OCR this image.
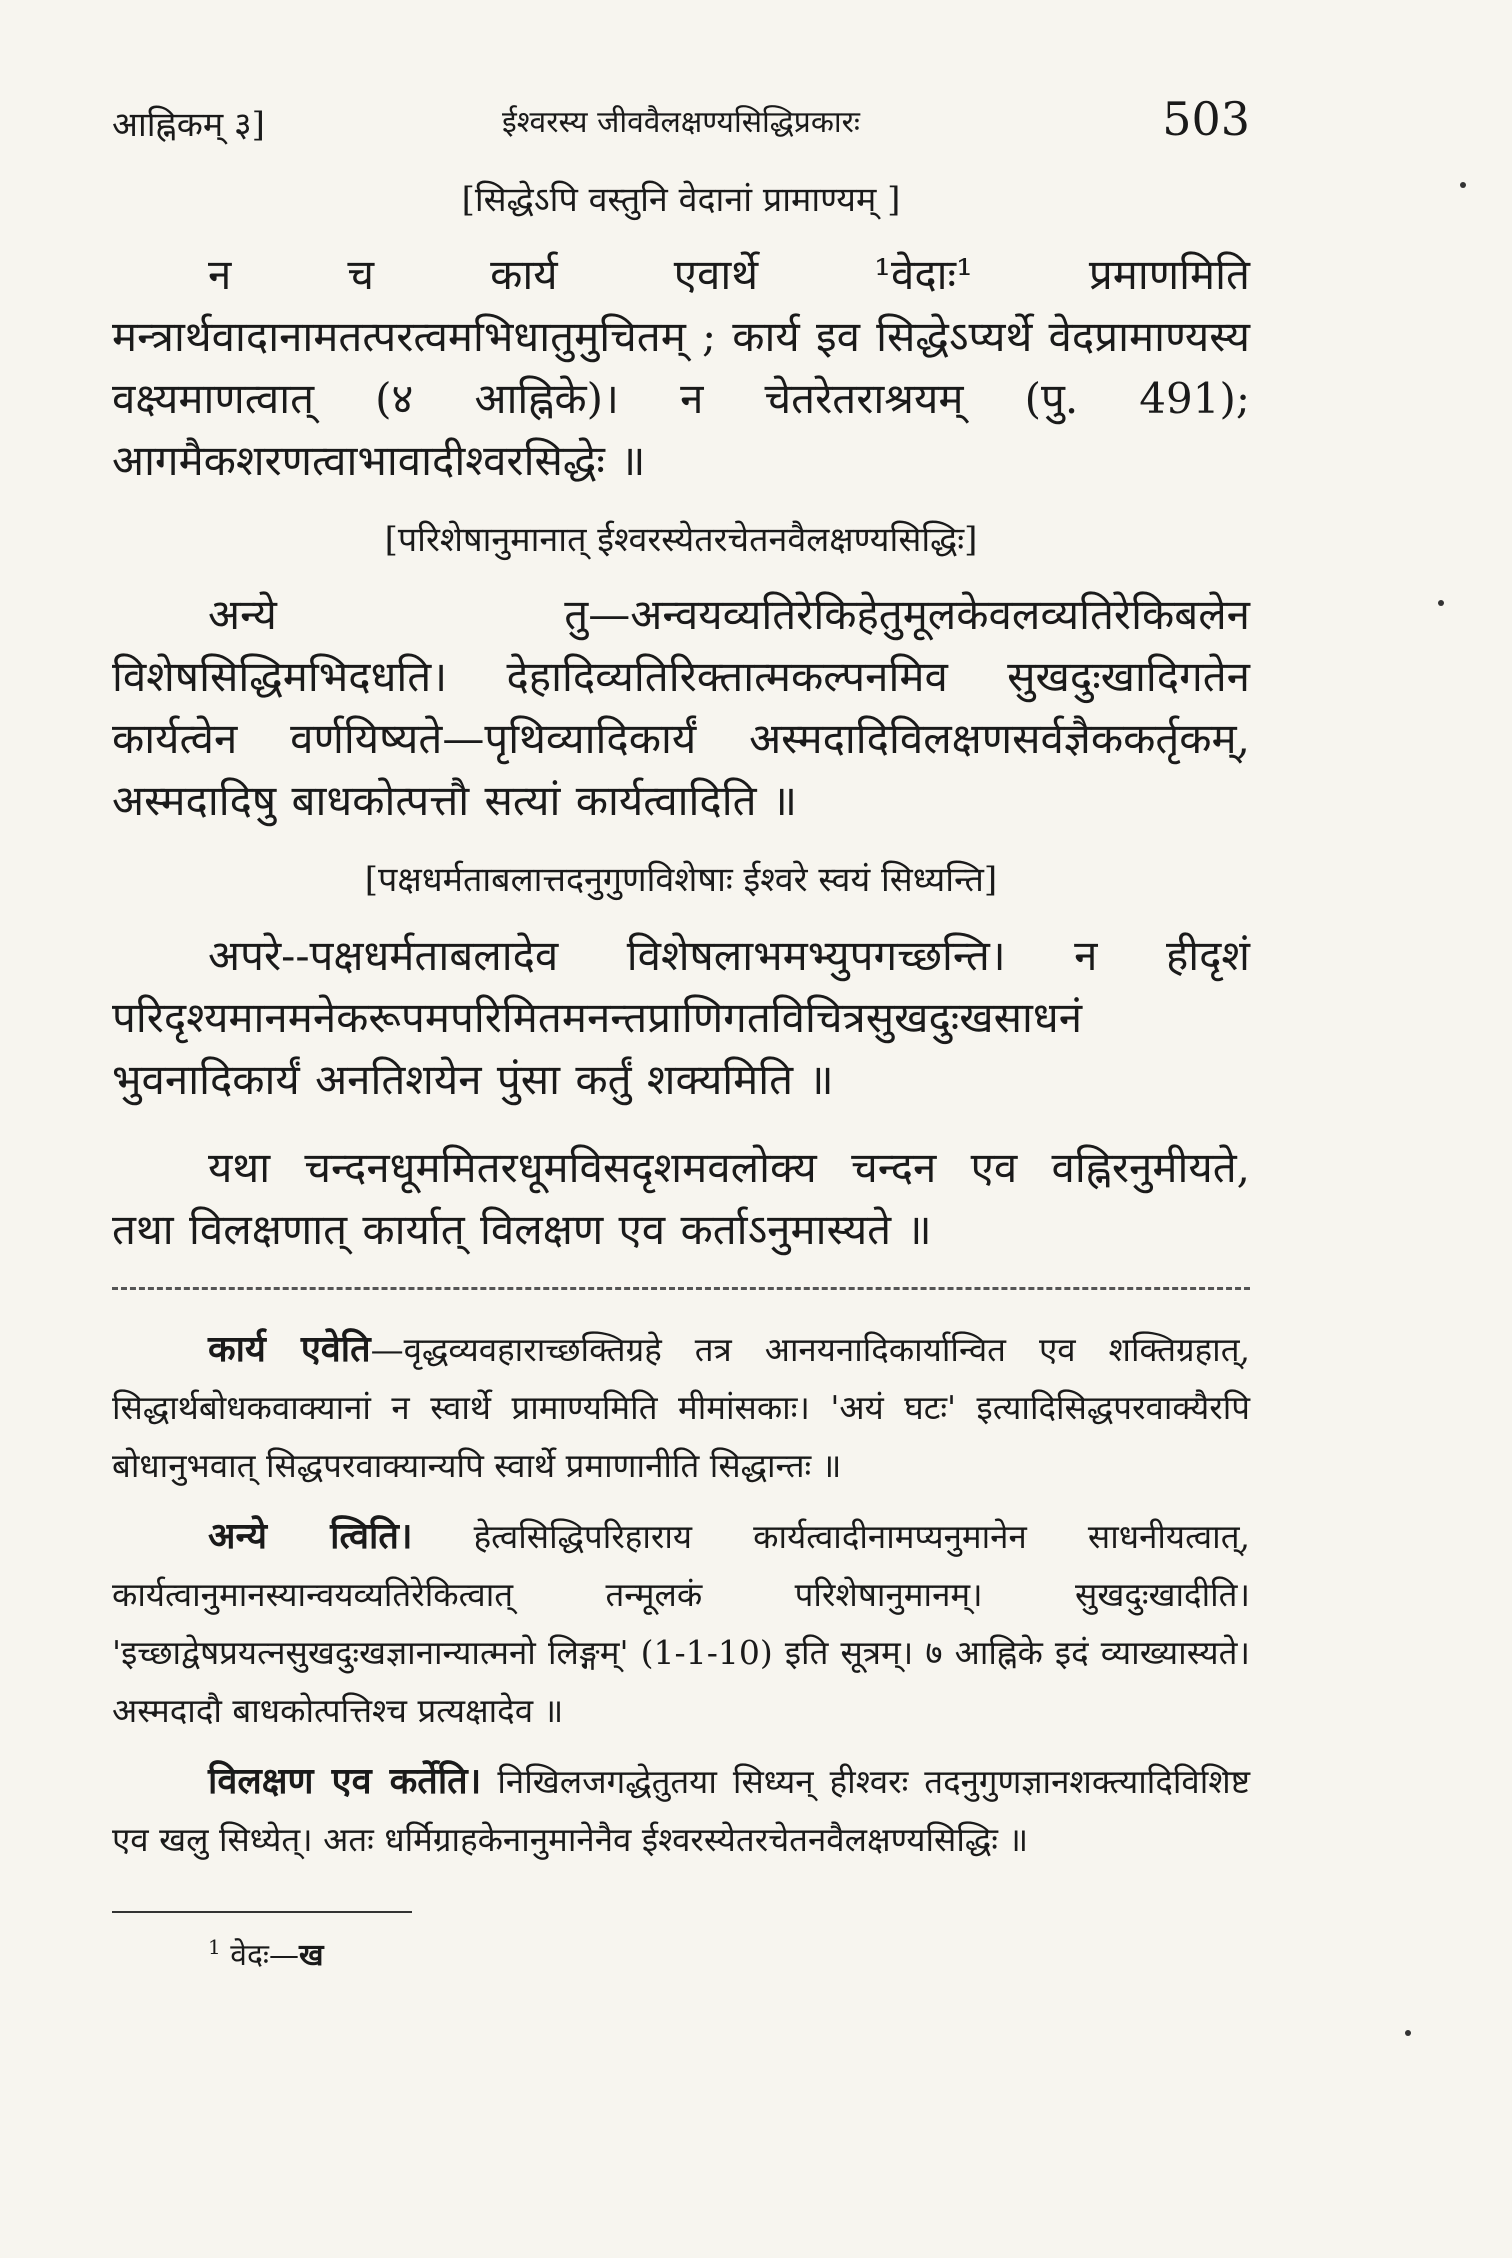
आह्निकम् ३]	ईश्वरस्य जीववैलक्षण्यसिद्धिप्रकारः	503
[सिद्धेऽपि वस्तुनि वेदानां प्रामाण्यम् ]

न च कार्य एवार्थे ¹वेदाः¹ प्रमाणमिति मन्त्रार्थवादानामतत्परत्वमभिधातुमुचितम् ; कार्य इव सिद्धेऽप्यर्थे वेदप्रामाण्यस्य वक्ष्यमाणत्वात् (४ आह्निके)। न चेतरेतराश्रयम् (पु. 491); आगमैकशरणत्वाभावादीश्वरसिद्धेः ॥

[परिशेषानुमानात् ईश्वरस्येतरचेतनवैलक्षण्यसिद्धिः]

अन्ये तु—अन्वयव्यतिरेकिहेतुमूलकेवलव्यतिरेकिबलेन विशेषसिद्धिमभिदधति। देहादिव्यतिरिक्तात्मकल्पनमिव सुखदुःखादिगतेन कार्यत्वेन वर्णयिष्यते—पृथिव्यादिकार्यं अस्मदादिविलक्षणसर्वज्ञैककर्तृकम्, अस्मदादिषु बाधकोत्पत्तौ सत्यां कार्यत्वादिति ॥

[पक्षधर्मताबलात्तदनुगुणविशेषाः ईश्वरे स्वयं सिध्यन्ति]

अपरे--पक्षधर्मताबलादेव विशेषलाभमभ्युपगच्छन्ति। न हीदृशं परिदृश्यमानमनेकरूपमपरिमितमनन्तप्राणिगतविचित्रसुखदुःखसाधनं भुवनादिकार्यं अनतिशयेन पुंसा कर्तुं शक्यमिति ॥

यथा चन्दनधूममितरधूमविसदृशमवलोक्य चन्दन एव वह्निरनुमीयते, तथा विलक्षणात् कार्यात् विलक्षण एव कर्ताऽनुमास्यते ॥

कार्य एवेति—वृद्धव्यवहाराच्छक्तिग्रहे तत्र आनयनादिकार्यान्वित एव शक्तिग्रहात्, सिद्धार्थबोधकवाक्यानां न स्वार्थे प्रामाण्यमिति मीमांसकाः। 'अयं घटः' इत्यादिसिद्धपरवाक्यैरपि बोधानुभवात् सिद्धपरवाक्यान्यपि स्वार्थे प्रमाणानीति सिद्धान्तः ॥

अन्ये त्विति। हेत्वसिद्धिपरिहाराय कार्यत्वादीनामप्यनुमानेन साधनीयत्वात्, कार्यत्वानुमानस्यान्वयव्यतिरेकित्वात् तन्मूलकं परिशेषानुमानम्। सुखदुःखादीति। 'इच्छाद्वेषप्रयत्नसुखदुःखज्ञानान्यात्मनो लिङ्गम्' (1-1-10) इति सूत्रम्। ७ आह्निके इदं व्याख्यास्यते। अस्मदादौ बाधकोत्पत्तिश्च प्रत्यक्षादेव ॥

विलक्षण एव कर्तेति। निखिलजगद्धेतुतया सिध्यन् हीश्वरः तदनुगुणज्ञानशक्त्यादिविशिष्ट एव खलु सिध्येत्। अतः धर्मिग्राहकेनानुमानेनैव ईश्वरस्येतरचेतनवैलक्षण्यसिद्धिः ॥

$^1$ वेदः—ख
